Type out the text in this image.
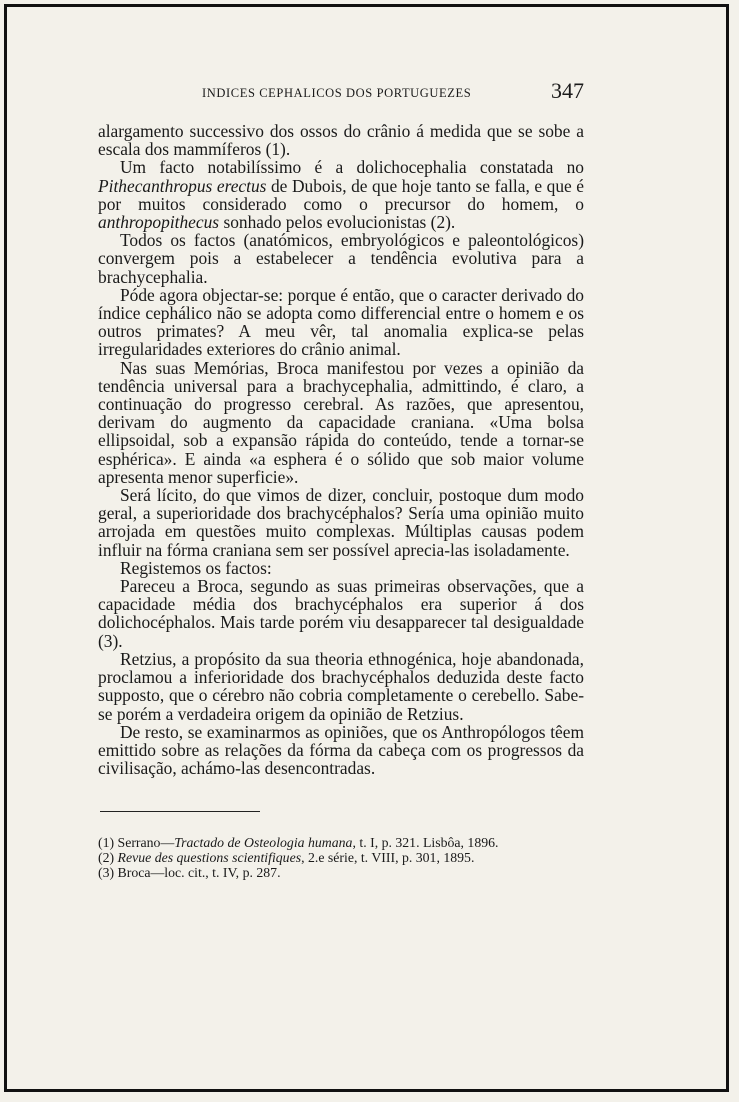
INDICES CEPHALICOS DOS PORTUGUEZES	347

alargamento successivo dos ossos do crânio á medida que se sobe a escala dos mammíferos (1).

Um facto notabilíssimo é a dolichocephalia constatada no Pithecanthropus erectus de Dubois, de que hoje tanto se falla, e que é por muitos considerado como o precursor do homem, o anthropopithecus sonhado pelos evolucionistas (2).

Todos os factos (anatómicos, embryológicos e paleontológicos) convergem pois a estabelecer a tendência evolutiva para a brachycephalia.

Póde agora objectar-se: porque é então, que o caracter derivado do índice cephálico não se adopta como differencial entre o homem e os outros primates? A meu vêr, tal anomalia explica-se pelas irregularidades exteriores do crânio animal.

Nas suas Memórias, Broca manifestou por vezes a opinião da tendência universal para a brachycephalia, admittindo, é claro, a continuação do progresso cerebral. As razões, que apresentou, derivam do augmento da capacidade craniana. «Uma bolsa ellipsoidal, sob a expansão rápida do conteúdo, tende a tornar-se esphérica». E ainda «a esphera é o sólido que sob maior volume apresenta menor superficie».

Será lícito, do que vimos de dizer, concluir, postoque dum modo geral, a superioridade dos brachycéphalos? Sería uma opinião muito arrojada em questões muito complexas. Múltiplas causas podem influir na fórma craniana sem ser possível aprecia-las isoladamente.

Registemos os factos:

Pareceu a Broca, segundo as suas primeiras observações, que a capacidade média dos brachycéphalos era superior á dos dolichocéphalos. Mais tarde porém viu desapparecer tal desigualdade (3).

Retzius, a propósito da sua theoria ethnogénica, hoje abandonada, proclamou a inferioridade dos brachycéphalos deduzida deste facto supposto, que o cérebro não cobria completamente o cerebello. Sabe-se porém a verdadeira origem da opinião de Retzius.

De resto, se examinarmos as opiniões, que os Anthropólogos têem emittido sobre as relações da fórma da cabeça com os progressos da civilisação, achámo-las desencontradas.

(1) Serrano—Tractado de Osteologia humana, t. I, p. 321. Lisbôa, 1896.

(2) Revue des questions scientifiques, 2.e série, t. VIII, p. 301, 1895.

(3) Broca—loc. cit., t. IV, p. 287.
